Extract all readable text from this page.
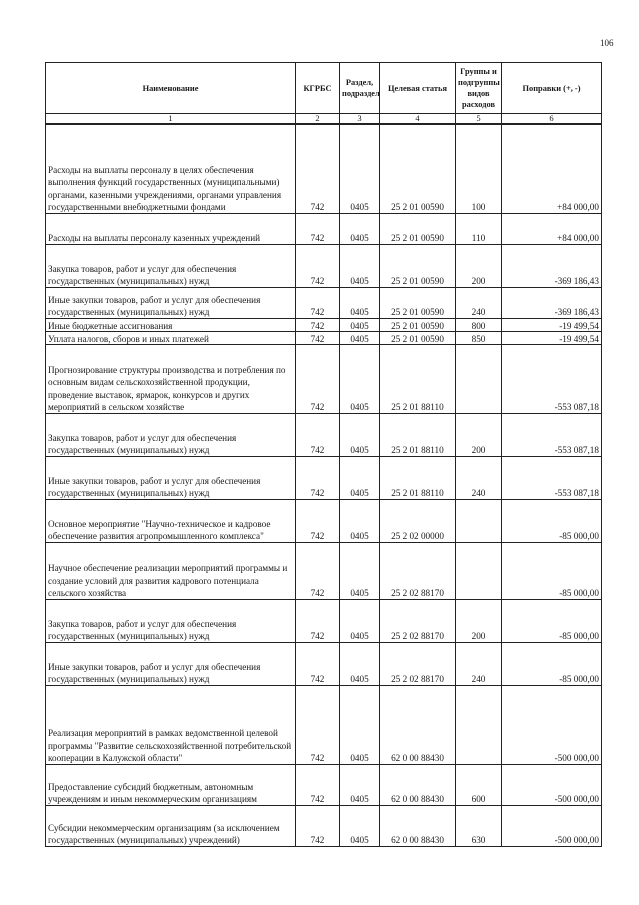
106
Наименование	КГРБС	Раздел, подраздел	Целевая статья	Группы и подгруппы видов расходов	Поправки (+, -)
1	2	3	4	5	6
Расходы на выплаты персоналу в целях обеспечения выполнения функций государственных (муниципальными) органами, казенными учреждениями, органами управления государственными внебюджетными фондами	742	0405	25 2 01 00590	100	+84 000,00
Расходы на выплаты персоналу казенных учреждений	742	0405	25 2 01 00590	110	+84 000,00
Закупка товаров, работ и услуг для обеспечения государственных (муниципальных) нужд	742	0405	25 2 01 00590	200	-369 186,43
Иные закупки товаров, работ и услуг для обеспечения государственных (муниципальных) нужд	742	0405	25 2 01 00590	240	-369 186,43
Иные бюджетные ассигнования	742	0405	25 2 01 00590	800	-19 499,54
Уплата налогов, сборов и иных платежей	742	0405	25 2 01 00590	850	-19 499,54
Прогнозирование структуры производства и потребления по основным видам сельскохозяйственной продукции, проведение выставок, ярмарок, конкурсов и других мероприятий в сельском хозяйстве	742	0405	25 2 01 88110		-553 087,18
Закупка товаров, работ и услуг для обеспечения государственных (муниципальных) нужд	742	0405	25 2 01 88110	200	-553 087,18
Иные закупки товаров, работ и услуг для обеспечения государственных (муниципальных) нужд	742	0405	25 2 01 88110	240	-553 087,18
Основное мероприятие "Научно-техническое и кадровое обеспечение развития агропромышленного комплекса"	742	0405	25 2 02 00000		-85 000,00
Научное обеспечение реализации мероприятий программы и создание условий для развития кадрового потенциала сельского хозяйства	742	0405	25 2 02 88170		-85 000,00
Закупка товаров, работ и услуг для обеспечения государственных (муниципальных) нужд	742	0405	25 2 02 88170	200	-85 000,00
Иные закупки товаров, работ и услуг для обеспечения государственных (муниципальных) нужд	742	0405	25 2 02 88170	240	-85 000,00
Реализация мероприятий в рамках ведомственной целевой программы "Развитие сельскохозяйственной потребительской кооперации в Калужской области"	742	0405	62 0 00 88430		-500 000,00
Предоставление субсидий бюджетным, автономным учреждениям и иным некоммерческим организациям	742	0405	62 0 00 88430	600	-500 000,00
Субсидии некоммерческим организациям (за исключением государственных (муниципальных) учреждений)	742	0405	62 0 00 88430	630	-500 000,00
